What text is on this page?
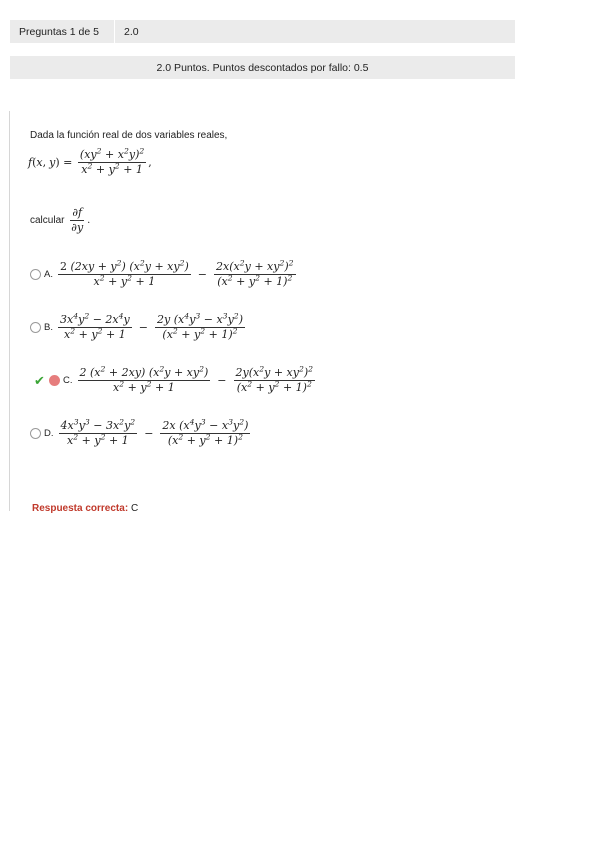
Preguntas 1 de 5	2.0
2.0 Puntos. Puntos descontados por fallo: 0.5
Dada la función real de dos variables reales,
f ( x ,
y ) = $\frac{(xy^2 + x^2y)^2}{x^2 + y^2 + 1}$ ,
calcular
$\frac{\partial f}{\partial y}$ .
A. $\frac{2 (2xy + y^2) (x^2y + xy^2)}{x^2 + y^2 + 1} - \frac{2x(x^2y + xy^2)^2}{(x^2 + y^2 + 1)^2}$
B. $\frac{3x^4y^2 - 2x^4y}{x^2 + y^2 + 1} - \frac{2y (x^4y^3 - x^3y^2)}{(x^2 + y^2 + 1)^2}$
✔ C. $\frac{2 (x^2 + 2xy) (x^2y + xy^2)}{x^2 + y^2 + 1} - \frac{2y(x^2y + xy^2)^2}{(x^2 + y^2 + 1)^2}$
D. $\frac{4x^3y^3 - 3x^2y^2}{x^2 + y^2 + 1} - \frac{2x (x^4y^3 - x^3y^2)}{(x^2 + y^2 + 1)^2}$
Respuesta correcta: C
